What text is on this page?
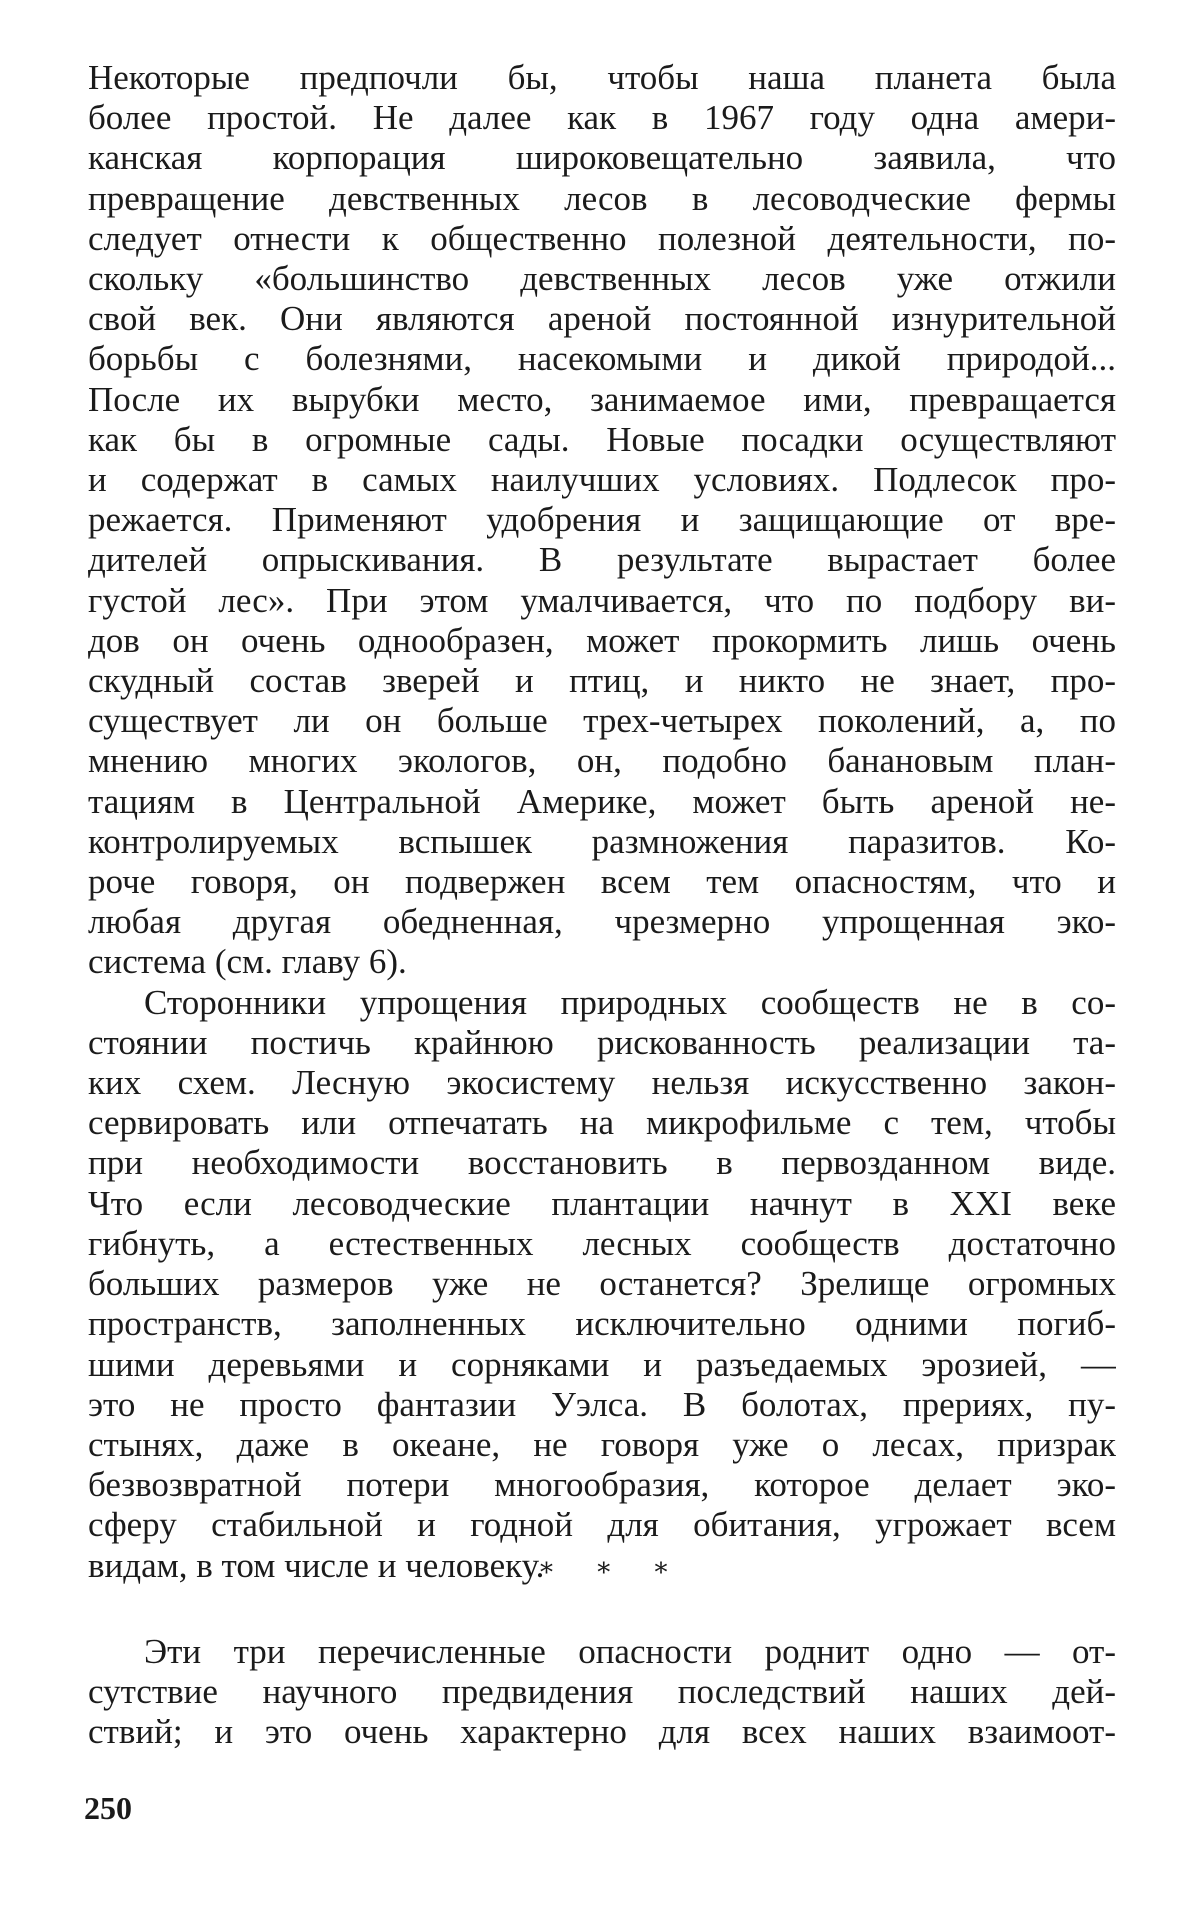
Некоторые предпочли бы, чтобы наша планета была
более простой. Не далее как в 1967 году одна амери-
канская корпорация широковещательно заявила, что
превращение девственных лесов в лесоводческие фермы
следует отнести к общественно полезной деятельности, по-
скольку «большинство девственных лесов уже отжили
свой век. Они являются ареной постоянной изнурительной
борьбы с болезнями, насекомыми и дикой природой...
После их вырубки место, занимаемое ими, превращается
как бы в огромные сады. Новые посадки осуществляют
и содержат в самых наилучших условиях. Подлесок про-
режается. Применяют удобрения и защищающие от вре-
дителей опрыскивания. В результате вырастает более
густой лес». При этом умалчивается, что по подбору ви-
дов он очень однообразен, может прокормить лишь очень
скудный состав зверей и птиц, и никто не знает, про-
существует ли он больше трех-четырех поколений, а, по
мнению многих экологов, он, подобно банановым план-
тациям в Центральной Америке, может быть ареной не-
контролируемых вспышек размножения паразитов. Ко-
роче говоря, он подвержен всем тем опасностям, что и
любая другая обедненная, чрезмерно упрощенная эко-
система (см. главу 6).
Сторонники упрощения природных сообществ не в со-
стоянии постичь крайнюю рискованность реализации та-
ких схем. Лесную экосистему нельзя искусственно закон-
сервировать или отпечатать на микрофильме с тем, чтобы
при необходимости восстановить в первозданном виде.
Что если лесоводческие плантации начнут в XXI веке
гибнуть, а естественных лесных сообществ достаточно
больших размеров уже не останется? Зрелище огромных
пространств, заполненных исключительно одними погиб-
шими деревьями и сорняками и разъедаемых эрозией, —
это не просто фантазии Уэлса. В болотах, прериях, пу-
стынях, даже в океане, не говоря уже о лесах, призрак
безвозвратной потери многообразия, которое делает эко-
сферу стабильной и годной для обитания, угрожает всем
видам, в том числе и человеку.
* * *
Эти три перечисленные опасности роднит одно — от-
сутствие научного предвидения последствий наших дей-
ствий; и это очень характерно для всех наших взаимоот-
250
